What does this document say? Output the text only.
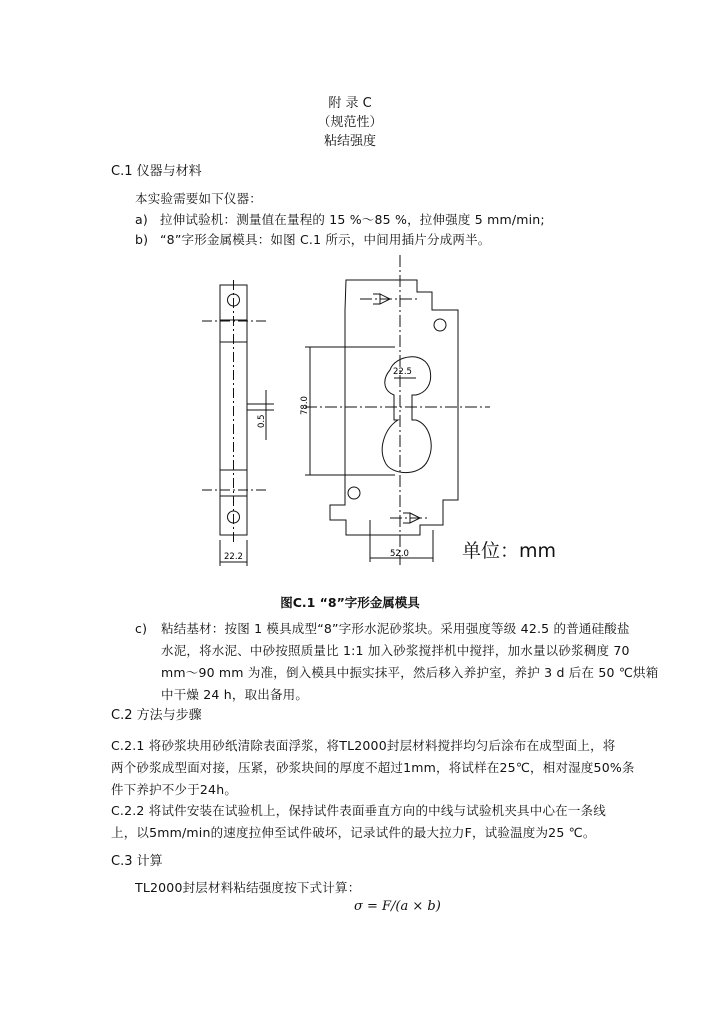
附 录 C
（规范性）
粘结强度
C.1 仪器与材料
本实验需要如下仪器：
a) 拉伸试验机：测量值在量程的 15 %～85 %，拉伸强度 5 mm/min;
b) “8”字形金属模具：如图 C.1 所示，中间用插片分成两半。
0.5
22.2
78.0
22.5
52.0	单位：mm
图C.1 “8”字形金属模具
c) 粘结基材：按图 1 模具成型“8”字形水泥砂浆块。采用强度等级 42.5 的普通硅酸盐
水泥，将水泥、中砂按照质量比 1:1 加入砂浆搅拌机中搅拌，加水量以砂浆稠度 70
mm～90 mm 为准，倒入模具中振实抹平，然后移入养护室，养护 3 d 后在 50 ℃烘箱
中干燥 24 h，取出备用。
C.2 方法与步骤
C.2.1 将砂浆块用砂纸清除表面浮浆，将TL2000封层材料搅拌均匀后涂布在成型面上，将
两个砂浆成型面对接，压紧，砂浆块间的厚度不超过1mm，将试样在25℃，相对湿度50%条
件下养护不少于24h。
C.2.2 将试件安装在试验机上，保持试件表面垂直方向的中线与试验机夹具中心在一条线
上，以5mm/min的速度拉伸至试件破坏，记录试件的最大拉力F，试验温度为25 ℃。
C.3 计算
TL2000封层材料粘结强度按下式计算：
σ = F/(a × b)
